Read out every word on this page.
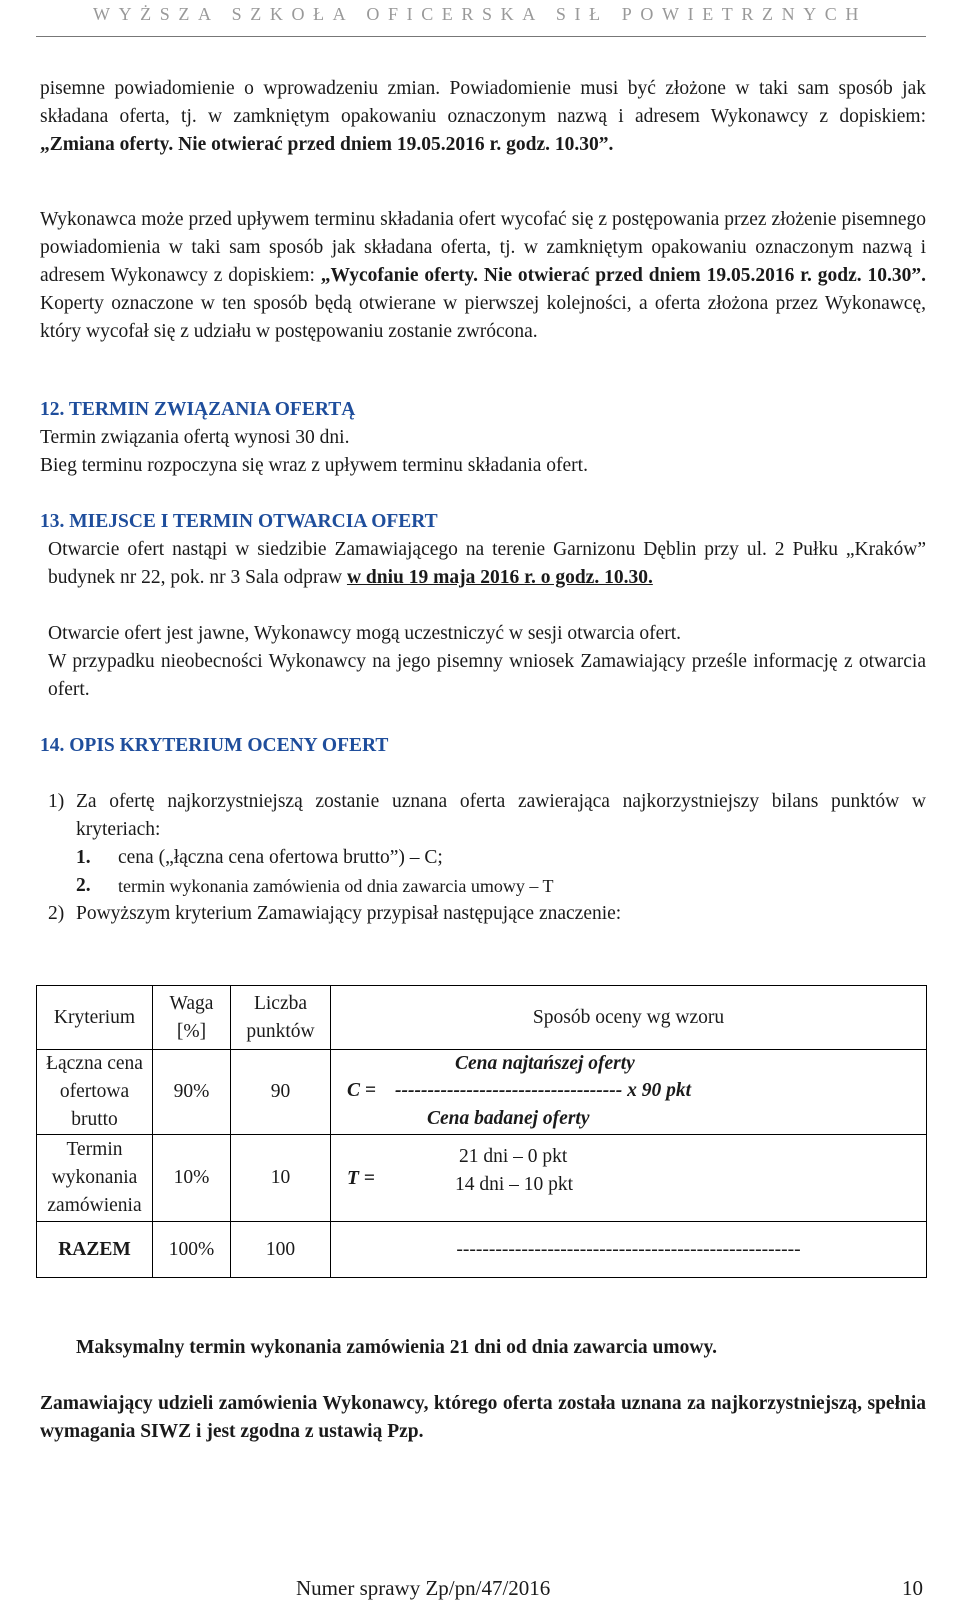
WYŻSZA SZKOŁA OFICERSKA SIŁ POWIETRZNYCH

pisemne powiadomienie o wprowadzeniu zmian. Powiadomienie musi być złożone w taki sam sposób jak składana oferta, tj. w zamkniętym opakowaniu oznaczonym nazwą i adresem Wykonawcy z dopiskiem: „Zmiana oferty. Nie otwierać przed dniem 19.05.2016 r. godz. 10.30”.

Wykonawca może przed upływem terminu składania ofert wycofać się z postępowania przez złożenie pisemnego powiadomienia w taki sam sposób jak składana oferta, tj. w zamkniętym opakowaniu oznaczonym nazwą i adresem Wykonawcy z dopiskiem: „Wycofanie oferty. Nie otwierać przed dniem 19.05.2016 r. godz. 10.30”. Koperty oznaczone w ten sposób będą otwierane w pierwszej kolejności, a oferta złożona przez Wykonawcę, który wycofał się z udziału w postępowaniu zostanie zwrócona.

12. TERMIN ZWIĄZANIA OFERTĄ
Termin związania ofertą wynosi 30 dni.
Bieg terminu rozpoczyna się wraz z upływem terminu składania ofert.
13. MIEJSCE I TERMIN OTWARCIA OFERT

Otwarcie ofert nastąpi w siedzibie Zamawiającego na terenie Garnizonu Dęblin przy ul. 2 Pułku „Kraków” budynek nr 22, pok. nr 3 Sala odpraw w dniu 19 maja 2016 r. o godz. 10.30.

Otwarcie ofert jest jawne, Wykonawcy mogą uczestniczyć w sesji otwarcia ofert.

W przypadku nieobecności Wykonawcy na jego pisemny wniosek Zamawiający prześle informację z otwarcia ofert.

14. OPIS KRYTERIUM OCENY OFERT
1) Za ofertę najkorzystniejszą zostanie uznana oferta zawierająca najkorzystniejszy bilans punktów w kryteriach:

1. cena („łączna cena ofertowa brutto”) – C;
2. termin wykonania zamówienia od dnia zawarcia umowy – T
2) Powyższym kryterium Zamawiający przypisał następujące znaczenie:
Kryterium	Waga [%]	Liczba punktów	Sposób oceny wg wzoru
Łączna cena ofertowa brutto	90%	90	Cena najtańszej oferty
C = ----------------------------------- x 90 pkt
Cena badanej oferty

Termin wykonania zamówienia	10%	10	T =
21 dni – 0 pkt
14 dni – 10 pkt

RAZEM	100%	100	-----------------------------------------------------
Maksymalny termin wykonania zamówienia 21 dni od dnia zawarcia umowy.

Zamawiający udzieli zamówienia Wykonawcy, którego oferta została uznana za najkorzystniejszą, spełnia wymagania SIWZ i jest zgodna z ustawią Pzp.

Numer sprawy Zp/pn/47/2016	10
